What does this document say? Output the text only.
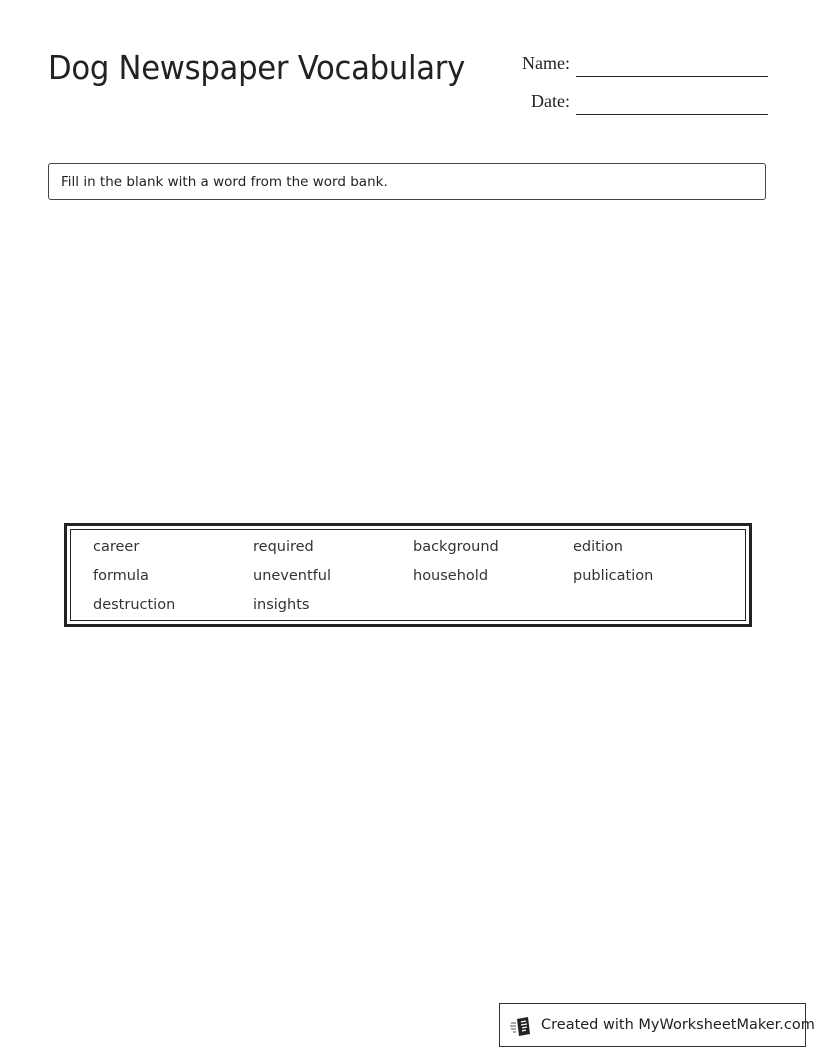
Dog Newspaper Vocabulary	Name:
Date:
Fill in the blank with a word from the word bank.
career	required	background	edition
formula	uneventful	household	publication
destruction	insights
Created with MyWorksheetMaker.com
